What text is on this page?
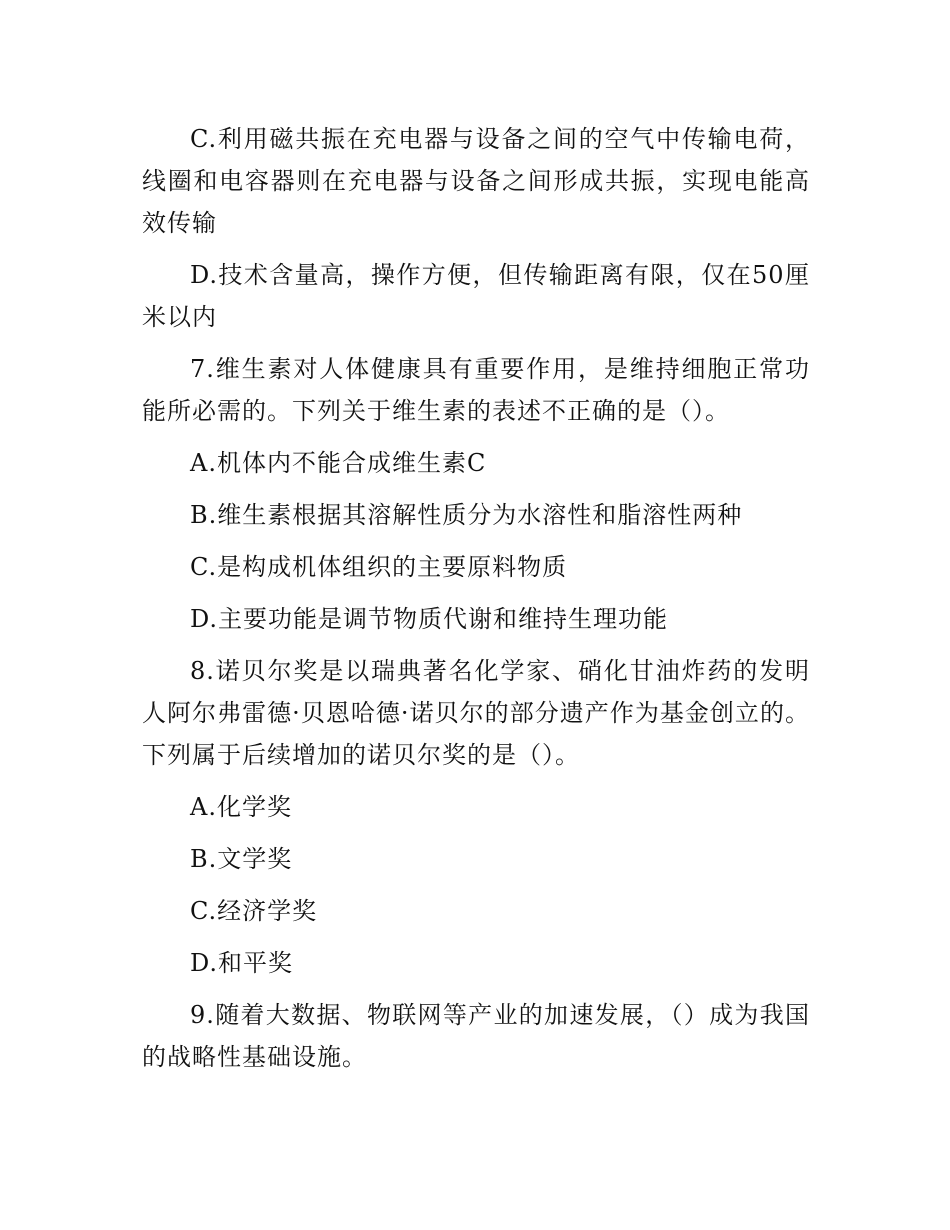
C.利用磁共振在充电器与设备之间的空气中传输电荷，线圈和电容器则在充电器与设备之间形成共振，实现电能高效传输

D.技术含量高，操作方便，但传输距离有限，仅在50厘米以内

7.维生素对人体健康具有重要作用，是维持细胞正常功能所必需的。下列关于维生素的表述不正确的是（）。

A.机体内不能合成维生素C

B.维生素根据其溶解性质分为水溶性和脂溶性两种

C.是构成机体组织的主要原料物质

D.主要功能是调节物质代谢和维持生理功能

8.诺贝尔奖是以瑞典著名化学家、硝化甘油炸药的发明人阿尔弗雷德·贝恩哈德·诺贝尔的部分遗产作为基金创立的。下列属于后续增加的诺贝尔奖的是（）。

A.化学奖

B.文学奖

C.经济学奖

D.和平奖

9.随着大数据、物联网等产业的加速发展，（）成为我国的战略性基础设施。
